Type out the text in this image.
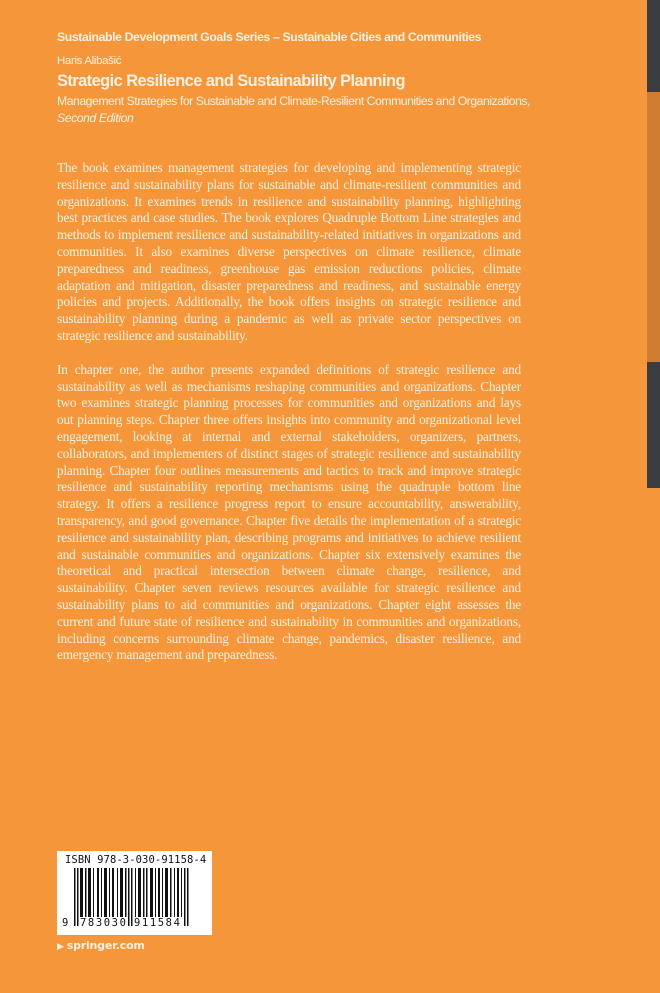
Sustainable Development Goals Series – Sustainable Cities and Communities
Haris Alibašić
Strategic Resilience and Sustainability Planning
Management Strategies for Sustainable and Climate-Resilient Communities and Organizations,
Second Edition

The book examines management strategies for developing and implementing strategic resilience and sustainability plans for sustainable and climate-resilient communities and organizations. It examines trends in resilience and sustainability planning, highlighting best practices and case studies. The book explores Quadruple Bottom Line strategies and methods to implement resilience and sustainability-related initiatives in organizations and communities. It also examines diverse perspectives on climate resilience, climate preparedness and readiness, greenhouse gas emission reductions policies, climate adaptation and mitigation, disaster preparedness and readiness, and sustainable energy policies and projects. Additionally, the book offers insights on strategic resilience and sustainability planning during a pandemic as well as private sector perspectives on strategic resilience and sustainability.

In chapter one, the author presents expanded definitions of strategic resilience and sustainability as well as mechanisms reshaping communities and organizations. Chapter two examines strategic planning processes for communities and organizations and lays out planning steps. Chapter three offers insights into community and organizational level engagement, looking at internal and external stakeholders, organizers, partners, collaborators, and implementers of distinct stages of strategic resilience and sustainability planning. Chapter four outlines measurements and tactics to track and improve strategic resilience and sustainability reporting mechanisms using the quadruple bottom line strategy. It offers a resilience progress report to ensure accountability, answerability, transparency, and good governance. Chapter five details the implementation of a strategic resilience and sustainability plan, describing programs and initiatives to achieve resilient and sustainable communities and organizations. Chapter six extensively examines the theoretical and practical intersection between climate change, resilience, and sustainability. Chapter seven reviews resources available for strategic resilience and sustainability plans to aid communities and organizations. Chapter eight assesses the current and future state of resilience and sustainability in communities and organizations, including concerns surrounding climate change, pandemics, disaster resilience, and emergency management and preparedness.

ISBN 978-3-030-91158-4
9 783030 911584
▶ springer.com
